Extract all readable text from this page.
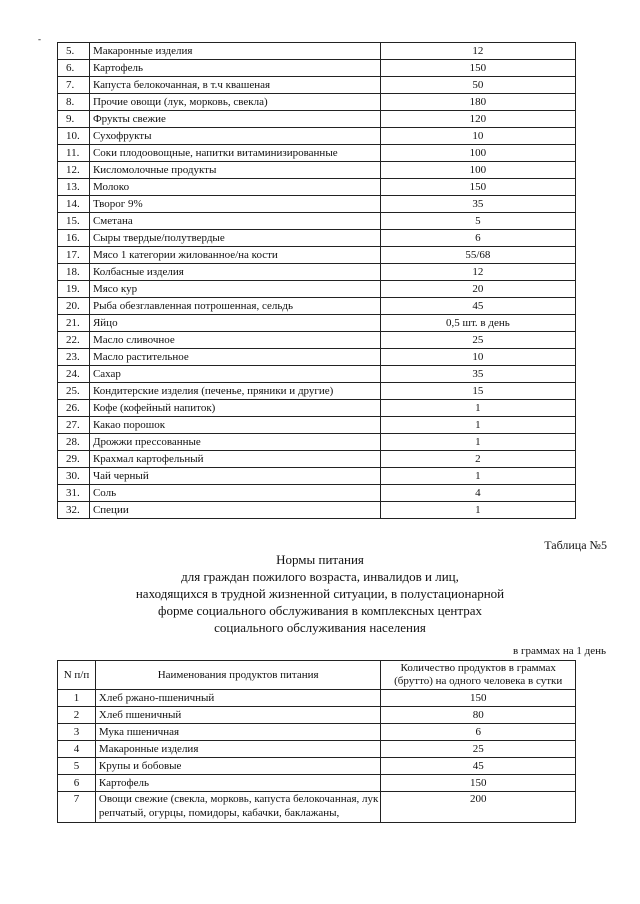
-
5.	Макаронные изделия	12
6.	Картофель	150
7.	Капуста белокочанная, в т.ч квашеная	50
8.	Прочие овощи (лук, морковь, свекла)	180
9.	Фрукты свежие	120
10.	Сухофрукты	10
11.	Соки плодоовощные, напитки витаминизированные	100
12.	Кисломолочные продукты	100
13.	Молоко	150
14.	Творог 9%	35
15.	Сметана	5
16.	Сыры твердые/полутвердые	6
17.	Мясо 1 категории жилованное/на кости	55/68
18.	Колбасные изделия	12
19.	Мясо кур	20
20.	Рыба обезглавленная потрошенная, сельдь	45
21.	Яйцо	0,5 шт. в день
22.	Масло сливочное	25
23.	Масло растительное	10
24.	Сахар	35
25.	Кондитерские изделия (печенье, пряники и другие)	15
26.	Кофе (кофейный напиток)	1
27.	Какао порошок	1
28.	Дрожжи прессованные	1
29.	Крахмал картофельный	2
30.	Чай черный	1
31.	Соль	4
32.	Специи	1
Таблица №5
Нормы питания
для граждан пожилого возраста, инвалидов и лиц,
находящихся в трудной жизненной ситуации, в полустационарной
форме социального обслуживания в комплексных центрах
социального обслуживания населения
в граммах на 1 день
N п/п	Наименования продуктов питания	Количество продуктов в граммах (брутто) на одного человека в сутки
1	Хлеб ржано-пшеничный	150
2	Хлеб пшеничный	80
3	Мука пшеничная	6
4	Макаронные изделия	25
5	Крупы и бобовые	45
6	Картофель	150
7	Овощи свежие (свекла, морковь, капуста белокочанная, лук репчатый, огурцы, помидоры, кабачки, баклажаны,	200
